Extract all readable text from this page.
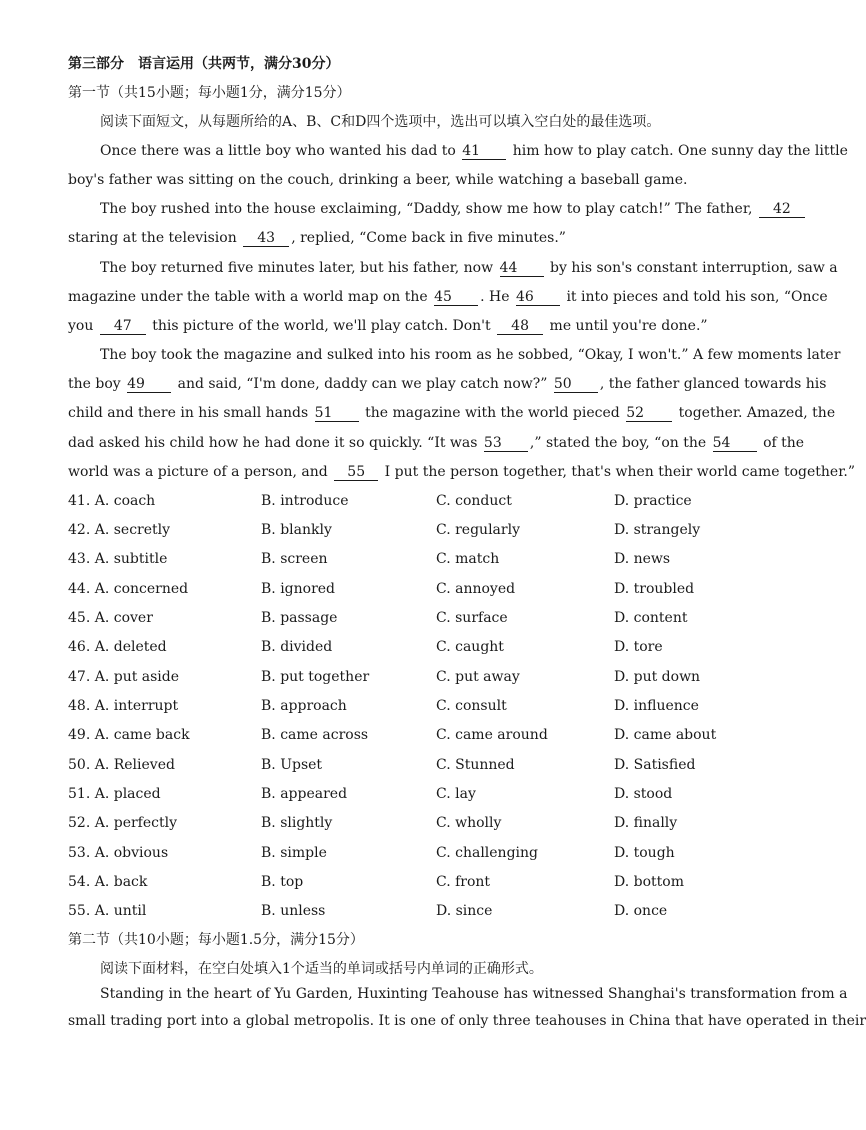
第三部分　语言运用（共两节，满分30分）
第一节（共15小题；每小题1分，满分15分）
阅读下面短文，从每题所给的A、B、C和D四个选项中，选出可以填入空白处的最佳选项。
Once there was a little boy who wanted his dad to 41 him how to play catch. One sunny day the little
boy's father was sitting on the couch, drinking a beer, while watching a baseball game.
The boy rushed into the house exclaiming, “Daddy, show me how to play catch!” The father, 42
staring at the television 43 , replied, “Come back in five minutes.”
The boy returned five minutes later, but his father, now 44 by his son's constant interruption, saw a
magazine under the table with a world map on the 45 . He 46 it into pieces and told his son, “Once
you 47 this picture of the world, we'll play catch. Don't 48 me until you're done.”
The boy took the magazine and sulked into his room as he sobbed, “Okay, I won't.” A few moments later
the boy 49 and said, “I'm done, daddy can we play catch now?” 50 , the father glanced towards his
child and there in his small hands 51 the magazine with the world pieced 52 together. Amazed, the
dad asked his child how he had done it so quickly. “It was 53 ,” stated the boy, “on the 54 of the
world was a picture of a person, and 55 I put the person together, that's when their world came together.”
41. A. coach	B. introduce	C. conduct	D. practice
42. A. secretly	B. blankly	C. regularly	D. strangely
43. A. subtitle	B. screen	C. match	D. news
44. A. concerned	B. ignored	C. annoyed	D. troubled
45. A. cover	B. passage	C. surface	D. content
46. A. deleted	B. divided	C. caught	D. tore
47. A. put aside	B. put together	C. put away	D. put down
48. A. interrupt	B. approach	C. consult	D. influence
49. A. came back	B. came across	C. came around	D. came about
50. A. Relieved	B. Upset	C. Stunned	D. Satisfied
51. A. placed	B. appeared	C. lay	D. stood
52. A. perfectly	B. slightly	C. wholly	D. finally
53. A. obvious	B. simple	C. challenging	D. tough
54. A. back	B. top	C. front	D. bottom
55. A. until	B. unless	D. since	D. once
第二节（共10小题；每小题1.5分，满分15分）
阅读下面材料，在空白处填入1个适当的单词或括号内单词的正确形式。
Standing in the heart of Yu Garden, Huxinting Teahouse has witnessed Shanghai's transformation from a
small trading port into a global metropolis. It is one of only three teahouses in China that have operated in their
